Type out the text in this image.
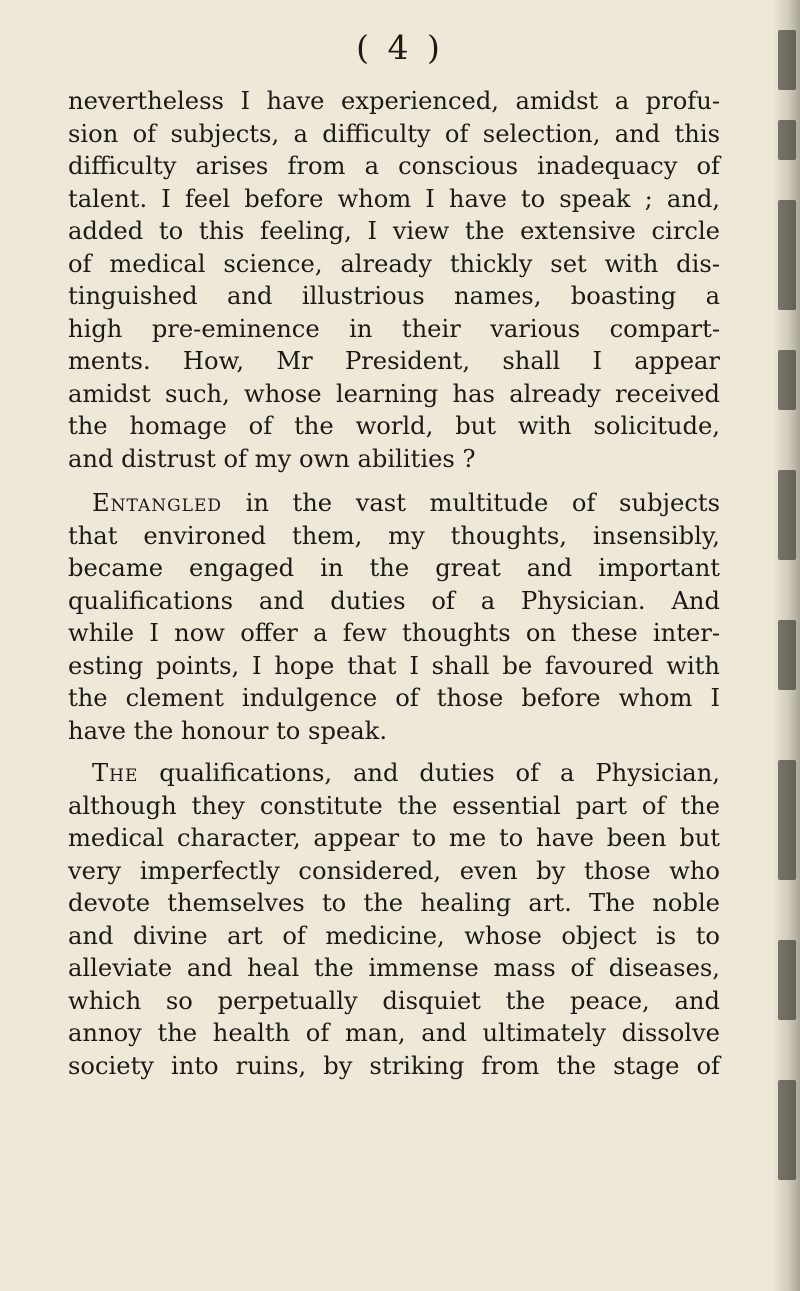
( 4 )
nevertheless I have experienced, amidst a profu-
sion of subjects, a difficulty of selection, and this
difficulty arises from a conscious inadequacy of
talent. I feel before whom I have to speak ; and,
added to this feeling, I view the extensive circle
of medical science, already thickly set with dis-
tinguished and illustrious names, boasting a
high pre-eminence in their various compart-
ments. How, Mr President, shall I appear
amidst such, whose learning has already received
the homage of the world, but with solicitude,
and distrust of my own abilities ?
Entangled in the vast multitude of subjects
that environed them, my thoughts, insensibly,
became engaged in the great and important
qualifications and duties of a Physician. And
while I now offer a few thoughts on these inter-
esting points, I hope that I shall be favoured with
the clement indulgence of those before whom I
have the honour to speak.
The qualifications, and duties of a Physician,
although they constitute the essential part of the
medical character, appear to me to have been but
very imperfectly considered, even by those who
devote themselves to the healing art. The noble
and divine art of medicine, whose object is to
alleviate and heal the immense mass of diseases,
which so perpetually disquiet the peace, and
annoy the health of man, and ultimately dissolve
society into ruins, by striking from the stage of
